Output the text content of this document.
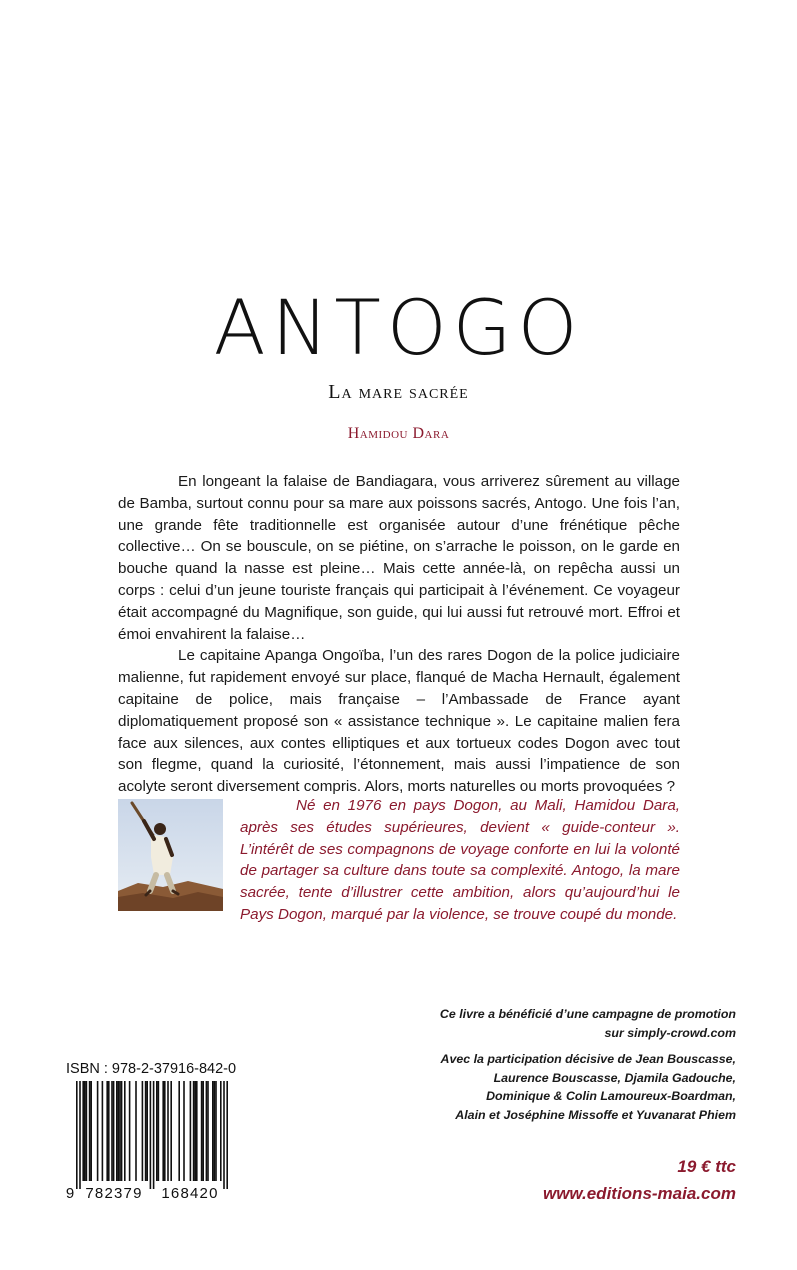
ANTOGO
La mare sacrée
Hamidou Dara

En longeant la falaise de Bandiagara, vous arriverez sûrement au village de Bamba, surtout connu pour sa mare aux poissons sacrés, Antogo. Une fois l’an, une grande fête traditionnelle est organisée autour d’une frénétique pêche collective… On se bouscule, on se piétine, on s’arrache le poisson, on le garde en bouche quand la nasse est pleine… Mais cette année-là, on repêcha aussi un corps : celui d’un jeune touriste français qui participait à l’événement. Ce voyageur était accompagné du Magnifique, son guide, qui lui aussi fut retrouvé mort. Effroi et émoi envahirent la falaise…

Le capitaine Apanga Ongoïba, l’un des rares Dogon de la police judiciaire malienne, fut rapidement envoyé sur place, flanqué de Macha Hernault, également capitaine de police, mais française – l’Ambassade de France ayant diplomatiquement proposé son « assistance technique ». Le capitaine malien fera face aux silences, aux contes elliptiques et aux tortueux codes Dogon avec tout son flegme, quand la curiosité, l’étonnement, mais aussi l’impatience de son acolyte seront diversement compris. Alors, morts naturelles ou morts provoquées ?

Né en 1976 en pays Dogon, au Mali, Hamidou Dara, après ses études supérieures, devient « guide-conteur ». L’intérêt de ses compagnons de voyage conforte en lui la volonté de partager sa culture dans toute sa complexité. Antogo, la mare sacrée, tente d’illustrer cette ambition, alors qu’aujourd’hui le Pays Dogon, marqué par la violence, se trouve coupé du monde.
Ce livre a bénéficié d’une campagne de promotion
sur simply-crowd.com
Avec la participation décisive de Jean Bouscasse,
Laurence Bouscasse, Djamila Gadouche,
Dominique & Colin Lamoureux-Boardman,
Alain et Joséphine Missoffe et Yuvanarat Phiem
19 € ttc
www.editions-maia.com
ISBN : 978-2-37916-842-0
9 782379 168420
